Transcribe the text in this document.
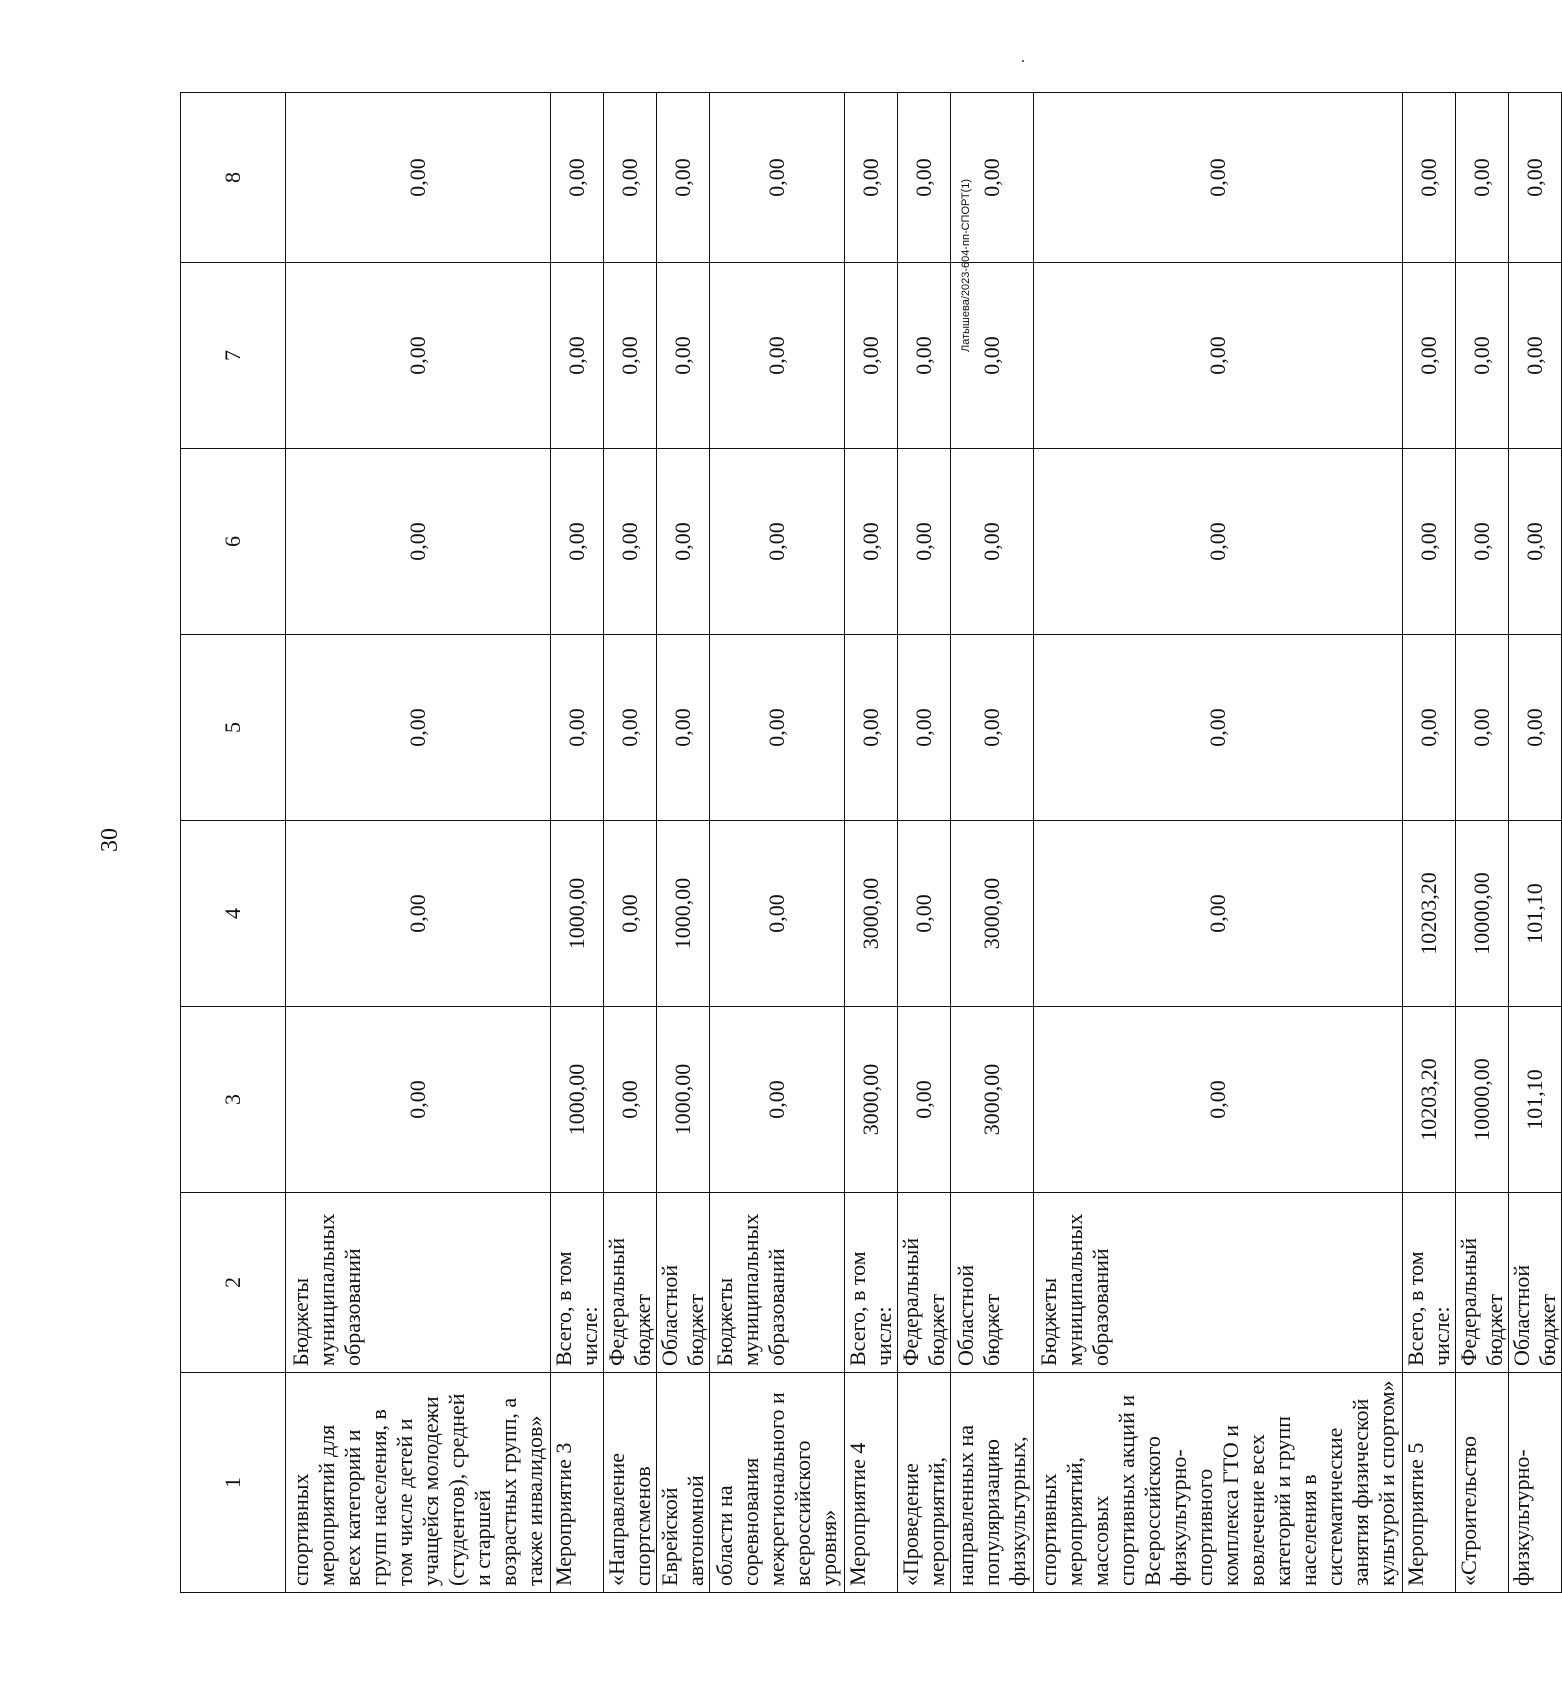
30
Латышева/2023-604-пп-СПОРТ(1)
1	2	3	4	5	6	7	8
спортивных мероприятий для всех категорий и групп населения, в том числе детей и учащейся молодежи (студентов), средней и старшей возрастных групп, а также инвалидов»	Бюджеты муниципальных образований	0,00	0,00	0,00	0,00	0,00	0,00
Мероприятие 3	Всего, в том числе:	1000,00	1000,00	0,00	0,00	0,00	0,00
«Направление спортсменов	Федеральный бюджет	0,00	0,00	0,00	0,00	0,00	0,00
Еврейской автономной	Областной бюджет	1000,00	1000,00	0,00	0,00	0,00	0,00
области на соревнования межрегионального и всероссийского уровня»	Бюджеты муниципальных образований	0,00	0,00	0,00	0,00	0,00	0,00
Мероприятие 4	Всего, в том числе:	3000,00	3000,00	0,00	0,00	0,00	0,00
«Проведение мероприятий,	Федеральный бюджет	0,00	0,00	0,00	0,00	0,00	0,00
направленных на популяризацию физкультурных,	Областной бюджет	3000,00	3000,00	0,00	0,00	0,00	0,00
спортивных мероприятий, массовых спортивных акций и Всероссийского физкультурно-спортивного комплекса ГТО и вовлечение всех категорий и групп населения в систематические занятия физической культурой и спортом»	Бюджеты муниципальных образований	0,00	0,00	0,00	0,00	0,00	0,00
Мероприятие 5	Всего, в том числе:	10203,20	10203,20	0,00	0,00	0,00	0,00
«Строительство	Федеральный бюджет	10000,00	10000,00	0,00	0,00	0,00	0,00
физкультурно-	Областной бюджет	101,10	101,10	0,00	0,00	0,00	0,00
